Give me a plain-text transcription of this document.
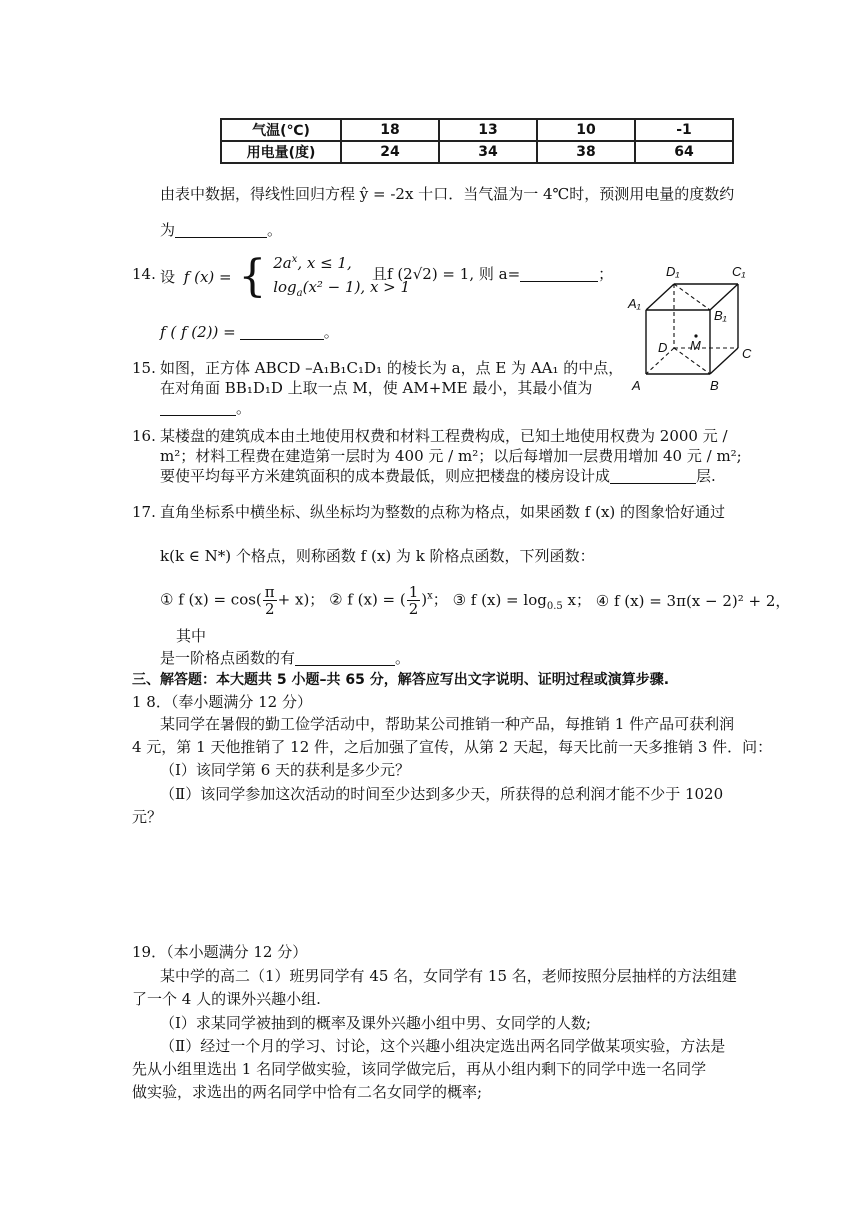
气温(℃)	18	13	10	-1
用电量(度)	24	34	38	64
由表中数据，得线性回归方程 ŷ = -2x 十口．当气温为一 4℃时，预测用电量的度数约
为	。
14. 设 f (x) = { $2a^x$, x ≤ 1,
$\log_a(x^2 - 1)$, x > 1
且f (2√2) = 1, 则 a=	；
f ( f (2)) =	。
D₁	C₁
A₁
B₁
D M
C
A	B
15. 如图，正方体 ABCD –A₁B₁C₁D₁ 的棱长为 a，点 E 为 AA₁ 的中点，
在对角面 BB₁D₁D 上取一点 M，使 AM+ME 最小，其最小值为
。
16. 某楼盘的建筑成本由土地使用权费和材料工程费构成，已知土地使用权费为 2000 元 /
m²；材料工程费在建造第一层时为 400 元 / m²；以后每增加一层费用增加 40 元 / m²;
要使平均每平方米建筑面积的成本费最低，则应把楼盘的楼房设计成	层.
17. 直角坐标系中横坐标、纵坐标均为整数的点称为格点，如果函数 f (x) 的图象恰好通过
k(k ∈ N*) 个格点，则称函数 f (x) 为 k 阶格点函数，下列函数：
① f $(x) = \cos( \frac{\pi}{2} + x)$； ② f (x) = ( $\frac{1}{2} )^x$； ③ f $(x) = \log_{0.5} x$； ④ f (x) = 3π(x − 2)² + 2，
其中
是一阶格点函数的有	。
三、解答题：本大题共 5 小题–共 65 分，解答应写出文字说明、证明过程或演算步骤.
1 8．（奉小题满分 12 分）
某同学在暑假的勤工俭学活动中，帮助某公司推销一种产品，每推销 1 件产品可获利润
4 元，第 1 天他推销了 12 件，之后加强了宣传，从第 2 天起，每天比前一天多推销 3 件．问：
（I）该同学第 6 天的获利是多少元？
（Ⅱ）该同学参加这次活动的时间至少达到多少天，所获得的总利润才能不少于 1020
元？
19．（本小题满分 12 分）
某中学的高二（1）班男同学有 45 名，女同学有 15 名，老师按照分层抽样的方法组建
了一个 4 人的课外兴趣小组.
（I）求某同学被抽到的概率及课外兴趣小组中男、女同学的人数;
（Ⅱ）经过一个月的学习、讨论，这个兴趣小组决定选出两名同学做某项实验，方法是
先从小组里选出 1 名同学做实验，该同学做完后，再从小组内剩下的同学中选一名同学
做实验，求选出的两名同学中恰有二名女同学的概率;
